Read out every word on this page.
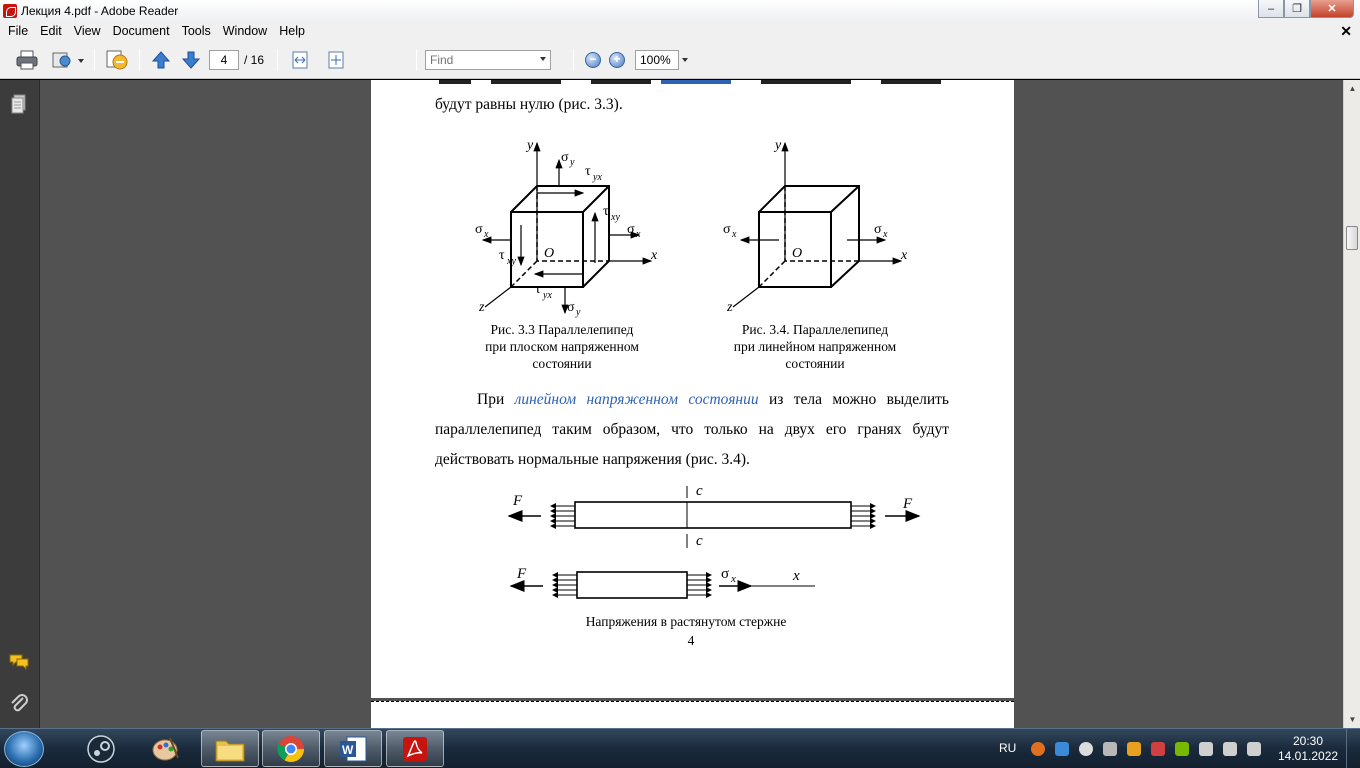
Лекция 4.pdf - Adobe Reader	–	❐	✕
File Edit View Document Tools Window Help	✕
4
/ 16
Find	−	+
100%
будут равны нулю (рис. 3.3).
y
x
z
O
σ y
τ yx
τ xy
σ x	σ x
τ xy
τ yx
σ y
Рис. 3.3 Параллелепипед
при плоском напряженном
состоянии
y
x
z
O
σ x	σ x
Рис. 3.4. Параллелепипед
при линейном напряженном
состоянии
При линейном напряженном состоянии из тела можно выделить параллелепипед таким образом, что только на двух его гранях будут действовать нормальные напряжения (рис. 3.4).
F	F
c
c
F	σ x	x
Напряжения в растянутом стержне
4
▲
▼
W	RU	20:30
14.01.2022
